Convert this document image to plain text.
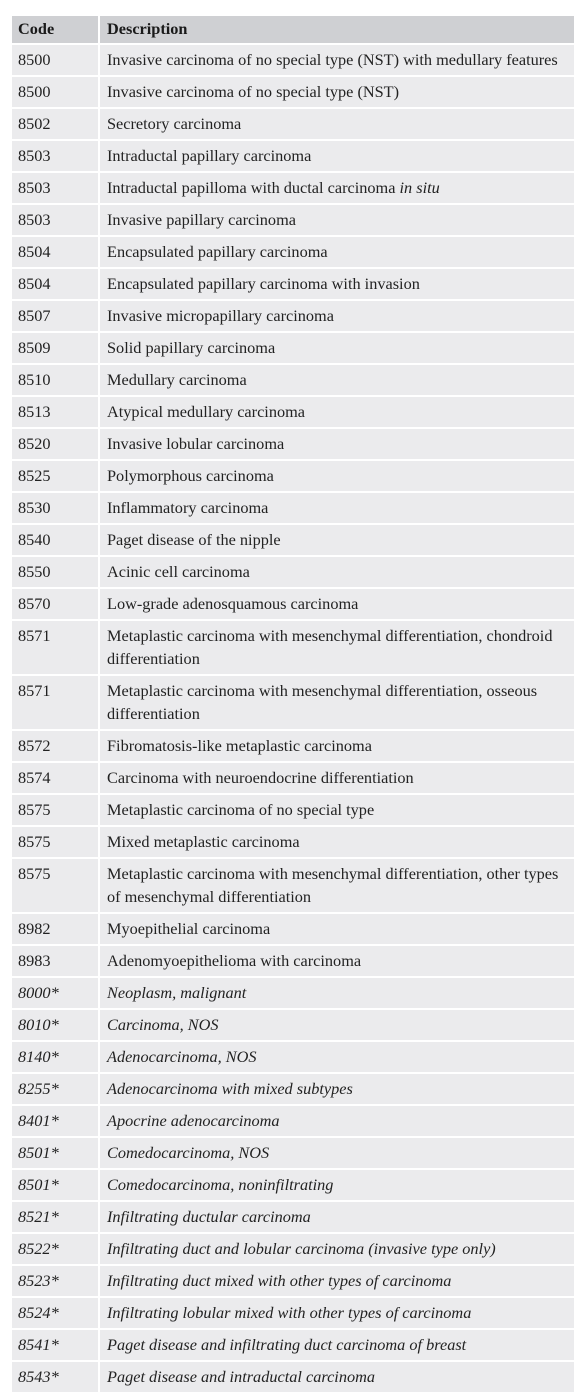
Code	Description
8500	Invasive carcinoma of no special type (NST) with medullary features
8500	Invasive carcinoma of no special type (NST)
8502	Secretory carcinoma
8503	Intraductal papillary carcinoma
8503	Intraductal papilloma with ductal carcinoma in situ
8503	Invasive papillary carcinoma
8504	Encapsulated papillary carcinoma
8504	Encapsulated papillary carcinoma with invasion
8507	Invasive micropapillary carcinoma
8509	Solid papillary carcinoma
8510	Medullary carcinoma
8513	Atypical medullary carcinoma
8520	Invasive lobular carcinoma
8525	Polymorphous carcinoma
8530	Inflammatory carcinoma
8540	Paget disease of the nipple
8550	Acinic cell carcinoma
8570	Low-grade adenosquamous carcinoma
8571	Metaplastic carcinoma with mesenchymal differentiation, chondroid differentiation
8571	Metaplastic carcinoma with mesenchymal differentiation, osseous differentiation
8572	Fibromatosis-like metaplastic carcinoma
8574	Carcinoma with neuroendocrine differentiation
8575	Metaplastic carcinoma of no special type
8575	Mixed metaplastic carcinoma
8575	Metaplastic carcinoma with mesenchymal differentiation, other types of mesenchymal differentiation
8982	Myoepithelial carcinoma
8983	Adenomyoepithelioma with carcinoma
8000*	Neoplasm, malignant
8010*	Carcinoma, NOS
8140*	Adenocarcinoma, NOS
8255*	Adenocarcinoma with mixed subtypes
8401*	Apocrine adenocarcinoma
8501*	Comedocarcinoma, NOS
8501*	Comedocarcinoma, noninfiltrating
8521*	Infiltrating ductular carcinoma
8522*	Infiltrating duct and lobular carcinoma (invasive type only)
8523*	Infiltrating duct mixed with other types of carcinoma
8524*	Infiltrating lobular mixed with other types of carcinoma
8541*	Paget disease and infiltrating duct carcinoma of breast
8543*	Paget disease and intraductal carcinoma
